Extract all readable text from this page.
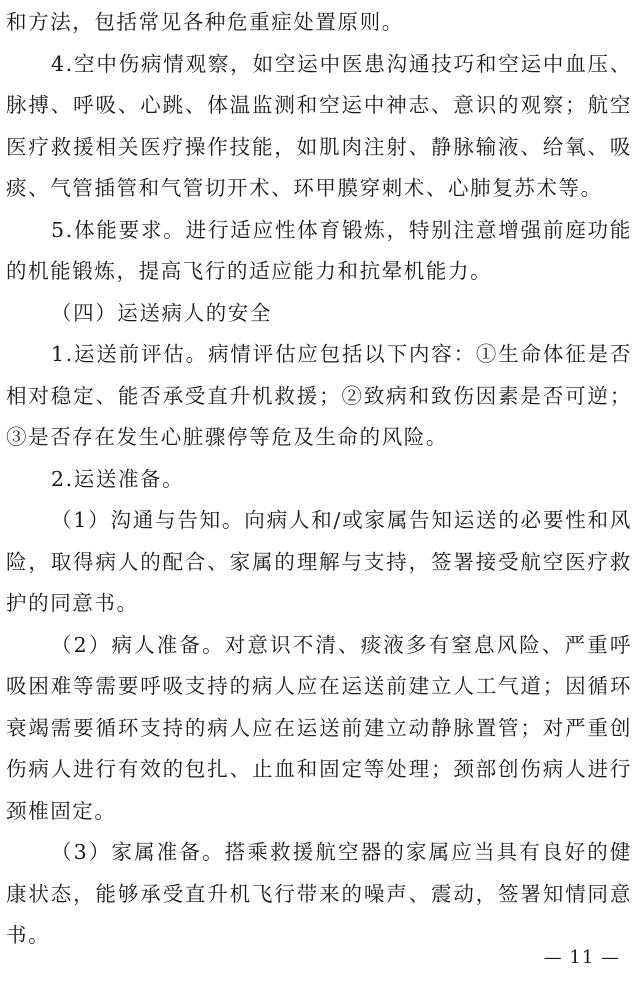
和方法，包括常见各种危重症处置原则。

4.空中伤病情观察，如空运中医患沟通技巧和空运中血压、脉搏、呼吸、心跳、体温监测和空运中神志、意识的观察；航空医疗救援相关医疗操作技能，如肌肉注射、静脉输液、给氧、吸痰、气管插管和气管切开术、环甲膜穿刺术、心肺复苏术等。

5.体能要求。进行适应性体育锻炼，特别注意增强前庭功能的机能锻炼，提高飞行的适应能力和抗晕机能力。

（四）运送病人的安全

1.运送前评估。病情评估应包括以下内容：①生命体征是否相对稳定、能否承受直升机救援；②致病和致伤因素是否可逆；③是否存在发生心脏骤停等危及生命的风险。

2.运送准备。

（1）沟通与告知。向病人和/或家属告知运送的必要性和风险，取得病人的配合、家属的理解与支持，签署接受航空医疗救护的同意书。

（2）病人准备。对意识不清、痰液多有窒息风险、严重呼吸困难等需要呼吸支持的病人应在运送前建立人工气道；因循环衰竭需要循环支持的病人应在运送前建立动静脉置管；对严重创伤病人进行有效的包扎、止血和固定等处理；颈部创伤病人进行颈椎固定。

（3）家属准备。搭乘救援航空器的家属应当具有良好的健康状态，能够承受直升机飞行带来的噪声、震动，签署知情同意书。

— 11 —
